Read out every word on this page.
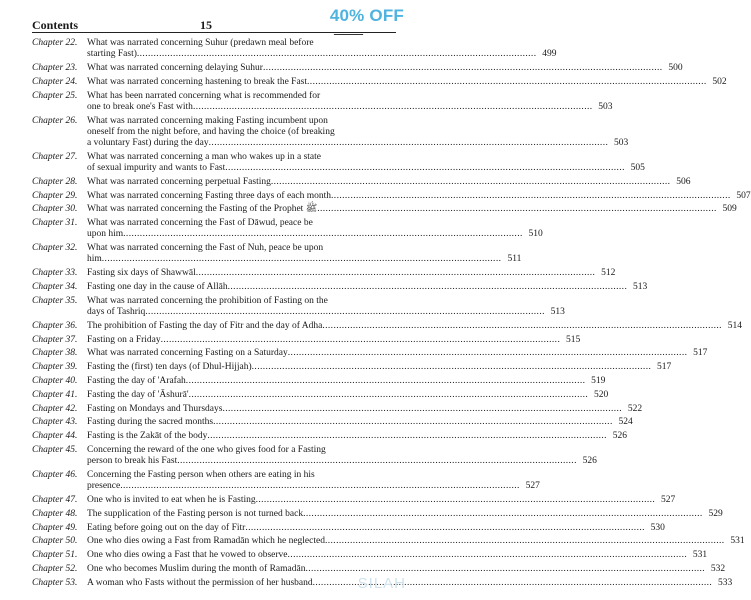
Contents	15	ـــــــــ
40% OFF
Chapter 22.	What was narrated concerning Suhur (predawn meal before
starting Fast) .....	499
Chapter 23.	What was narrated concerning delaying Suhur .....	500
Chapter 24.	What was narrated concerning hastening to break the Fast .....	502
Chapter 25.	What has been narrated concerning what is recommended for
one to break one's Fast with .....	503
Chapter 26.	What was narrated concerning making Fasting incumbent upon
oneself from the night before, and having the choice (of breaking
a voluntary Fast) during the day .....	503
Chapter 27.	What was narrated concerning a man who wakes up in a state
of sexual impurity and wants to Fast .....	505
Chapter 28.	What was narrated concerning perpetual Fasting .....	506
Chapter 29.	What was narrated concerning Fasting three days of each month .....	507
Chapter 30.	What was narrated concerning the Fasting of the Prophet ﷺ .....	509
Chapter 31.	What was narrated concerning the Fast of Dāwud, peace be
upon him .....	510
Chapter 32.	What was narrated concerning the Fast of Nuh, peace be upon
him .....	511
Chapter 33.	Fasting six days of Shawwāl .....	512
Chapter 34.	Fasting one day in the cause of Allāh .....	513
Chapter 35.	What was narrated concerning the prohibition of Fasting on the
days of Tashriq .....	513
Chapter 36.	The prohibition of Fasting the day of Fitr and the day of Adha .....	514
Chapter 37.	Fasting on a Friday .....	515
Chapter 38.	What was narrated concerning Fasting on a Saturday .....	517
Chapter 39.	Fasting the (first) ten days (of Dhul-Hijjah) .....	517
Chapter 40.	Fasting the day of 'Arafah .....	519
Chapter 41.	Fasting the day of 'Āshurā' .....	520
Chapter 42.	Fasting on Mondays and Thursdays .....	522
Chapter 43.	Fasting during the sacred months .....	524
Chapter 44.	Fasting is the Zakāt of the body .....	526
Chapter 45.	Concerning the reward of the one who gives food for a Fasting
person to break his Fast .....	526
Chapter 46.	Concerning the Fasting person when others are eating in his
presence .....	527
Chapter 47.	One who is invited to eat when he is Fasting .....	527
Chapter 48.	The supplication of the Fasting person is not turned back .....	529
Chapter 49.	Eating before going out on the day of Fitr .....	530
Chapter 50.	One who dies owing a Fast from Ramadān which he neglected .....	531
Chapter 51.	One who dies owing a Fast that he vowed to observe .....	531
Chapter 52.	One who becomes Muslim during the month of Ramadān .....	532
Chapter 53.	A woman who Fasts without the permission of her husband .....	533
SILAH
